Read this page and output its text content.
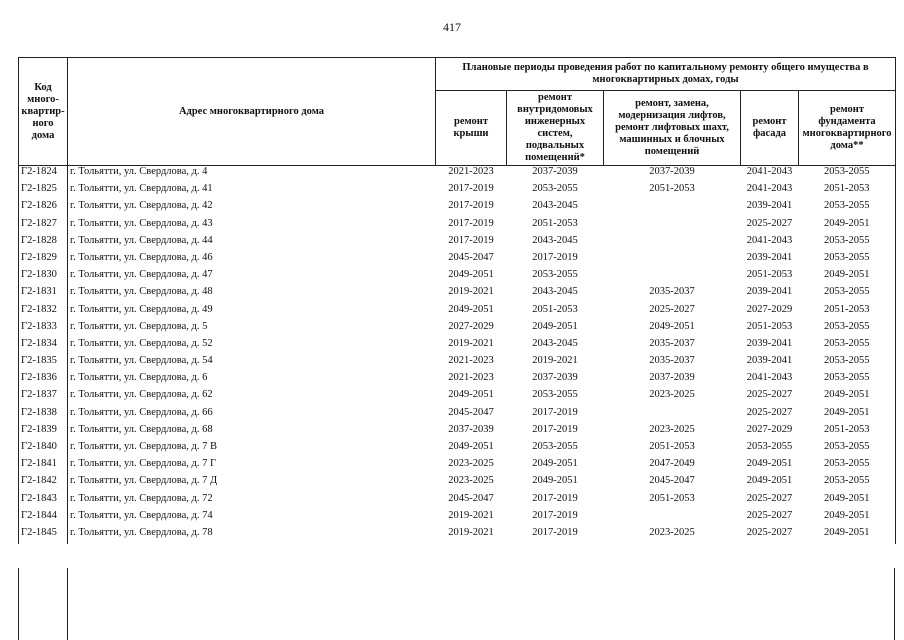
417
Код много-квартир-ного дома	Адрес многоквартирного дома	Плановые периоды проведения работ по капитальному ремонту общего имущества в многоквартирных домах, годы				
		ремонт крыши	ремонт внутридомовых инженерных систем, подвальных помещений*	ремонт, замена, модернизация лифтов, ремонт лифтовых шахт, машинных и блочных помещений	ремонт фасада	ремонт фундамента многоквартирного дома**
Г2-1824	г. Тольятти, ул. Свердлова, д. 4	2021-2023	2037-2039	2037-2039	2041-2043	2053-2055
Г2-1825	г. Тольятти, ул. Свердлова, д. 41	2017-2019	2053-2055	2051-2053	2041-2043	2051-2053
Г2-1826	г. Тольятти, ул. Свердлова, д. 42	2017-2019	2043-2045		2039-2041	2053-2055
Г2-1827	г. Тольятти, ул. Свердлова, д. 43	2017-2019	2051-2053		2025-2027	2049-2051
Г2-1828	г. Тольятти, ул. Свердлова, д. 44	2017-2019	2043-2045		2041-2043	2053-2055
Г2-1829	г. Тольятти, ул. Свердлова, д. 46	2045-2047	2017-2019		2039-2041	2053-2055
Г2-1830	г. Тольятти, ул. Свердлова, д. 47	2049-2051	2053-2055		2051-2053	2049-2051
Г2-1831	г. Тольятти, ул. Свердлова, д. 48	2019-2021	2043-2045	2035-2037	2039-2041	2053-2055
Г2-1832	г. Тольятти, ул. Свердлова, д. 49	2049-2051	2051-2053	2025-2027	2027-2029	2051-2053
Г2-1833	г. Тольятти, ул. Свердлова, д. 5	2027-2029	2049-2051	2049-2051	2051-2053	2053-2055
Г2-1834	г. Тольятти, ул. Свердлова, д. 52	2019-2021	2043-2045	2035-2037	2039-2041	2053-2055
Г2-1835	г. Тольятти, ул. Свердлова, д. 54	2021-2023	2019-2021	2035-2037	2039-2041	2053-2055
Г2-1836	г. Тольятти, ул. Свердлова, д. 6	2021-2023	2037-2039	2037-2039	2041-2043	2053-2055
Г2-1837	г. Тольятти, ул. Свердлова, д. 62	2049-2051	2053-2055	2023-2025	2025-2027	2049-2051
Г2-1838	г. Тольятти, ул. Свердлова, д. 66	2045-2047	2017-2019		2025-2027	2049-2051
Г2-1839	г. Тольятти, ул. Свердлова, д. 68	2037-2039	2017-2019	2023-2025	2027-2029	2051-2053
Г2-1840	г. Тольятти, ул. Свердлова, д. 7 В	2049-2051	2053-2055	2051-2053	2053-2055	2053-2055
Г2-1841	г. Тольятти, ул. Свердлова, д. 7 Г	2023-2025	2049-2051	2047-2049	2049-2051	2053-2055
Г2-1842	г. Тольятти, ул. Свердлова, д. 7 Д	2023-2025	2049-2051	2045-2047	2049-2051	2053-2055
Г2-1843	г. Тольятти, ул. Свердлова, д. 72	2045-2047	2017-2019	2051-2053	2025-2027	2049-2051
Г2-1844	г. Тольятти, ул. Свердлова, д. 74	2019-2021	2017-2019		2025-2027	2049-2051
Г2-1845	г. Тольятти, ул. Свердлова, д. 78	2019-2021	2017-2019	2023-2025	2025-2027	2049-2051
